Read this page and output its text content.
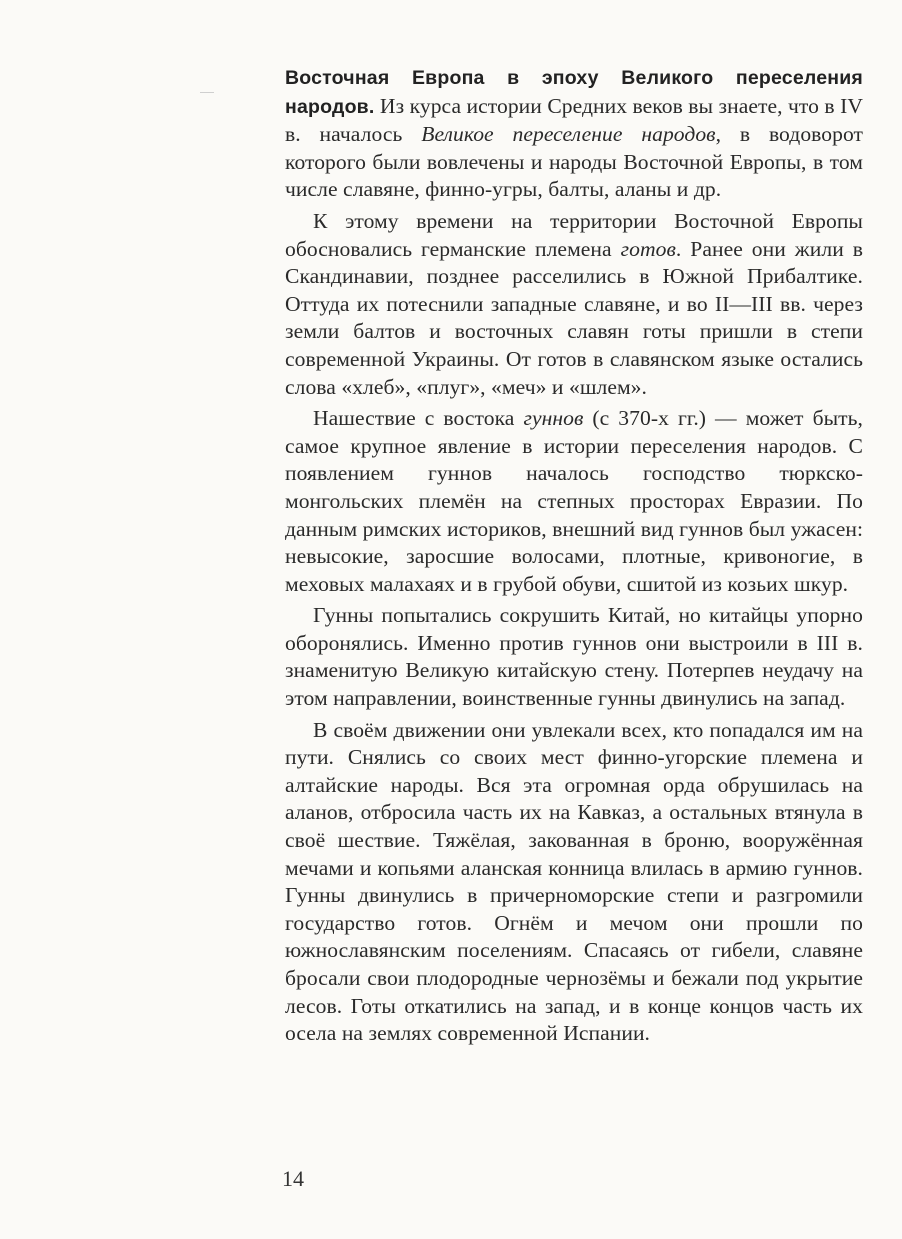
Восточная Европа в эпоху Великого переселения народов. Из курса истории Средних веков вы знаете, что в IV в. началось Великое переселение народов, в водоворот которого были вовлечены и народы Восточной Европы, в том числе славяне, финно-угры, балты, аланы и др.

К этому времени на территории Восточной Европы обосновались германские племена готов. Ранее они жили в Скандинавии, позднее расселились в Южной Прибалтике. Оттуда их потеснили западные славяне, и во II—III вв. через земли балтов и восточных славян готы пришли в степи современной Украины. От готов в славянском языке остались слова «хлеб», «плуг», «меч» и «шлем».

Нашествие с востока гуннов (с 370-х гг.) — может быть, самое крупное явление в истории переселения народов. С появлением гуннов началось господство тюркско-монгольских племён на степных просторах Евразии. По данным римских историков, внешний вид гуннов был ужасен: невысокие, заросшие волосами, плотные, кривоногие, в меховых малахаях и в грубой обуви, сшитой из козьих шкур.

Гунны попытались сокрушить Китай, но китайцы упорно оборонялись. Именно против гуннов они выстроили в III в. знаменитую Великую китайскую стену. Потерпев неудачу на этом направлении, воинственные гунны двинулись на запад.

В своём движении они увлекали всех, кто попадался им на пути. Снялись со своих мест финно-угорские племена и алтайские народы. Вся эта огромная орда обрушилась на аланов, отбросила часть их на Кавказ, а остальных втянула в своё шествие. Тяжёлая, закованная в броню, вооружённая мечами и копьями аланская конница влилась в армию гуннов. Гунны двинулись в причерноморские степи и разгромили государство готов. Огнём и мечом они прошли по южнославянским поселениям. Спасаясь от гибели, славяне бросали свои плодородные чернозёмы и бежали под укрытие лесов. Готы откатились на запад, и в конце концов часть их осела на землях современной Испании.

14
